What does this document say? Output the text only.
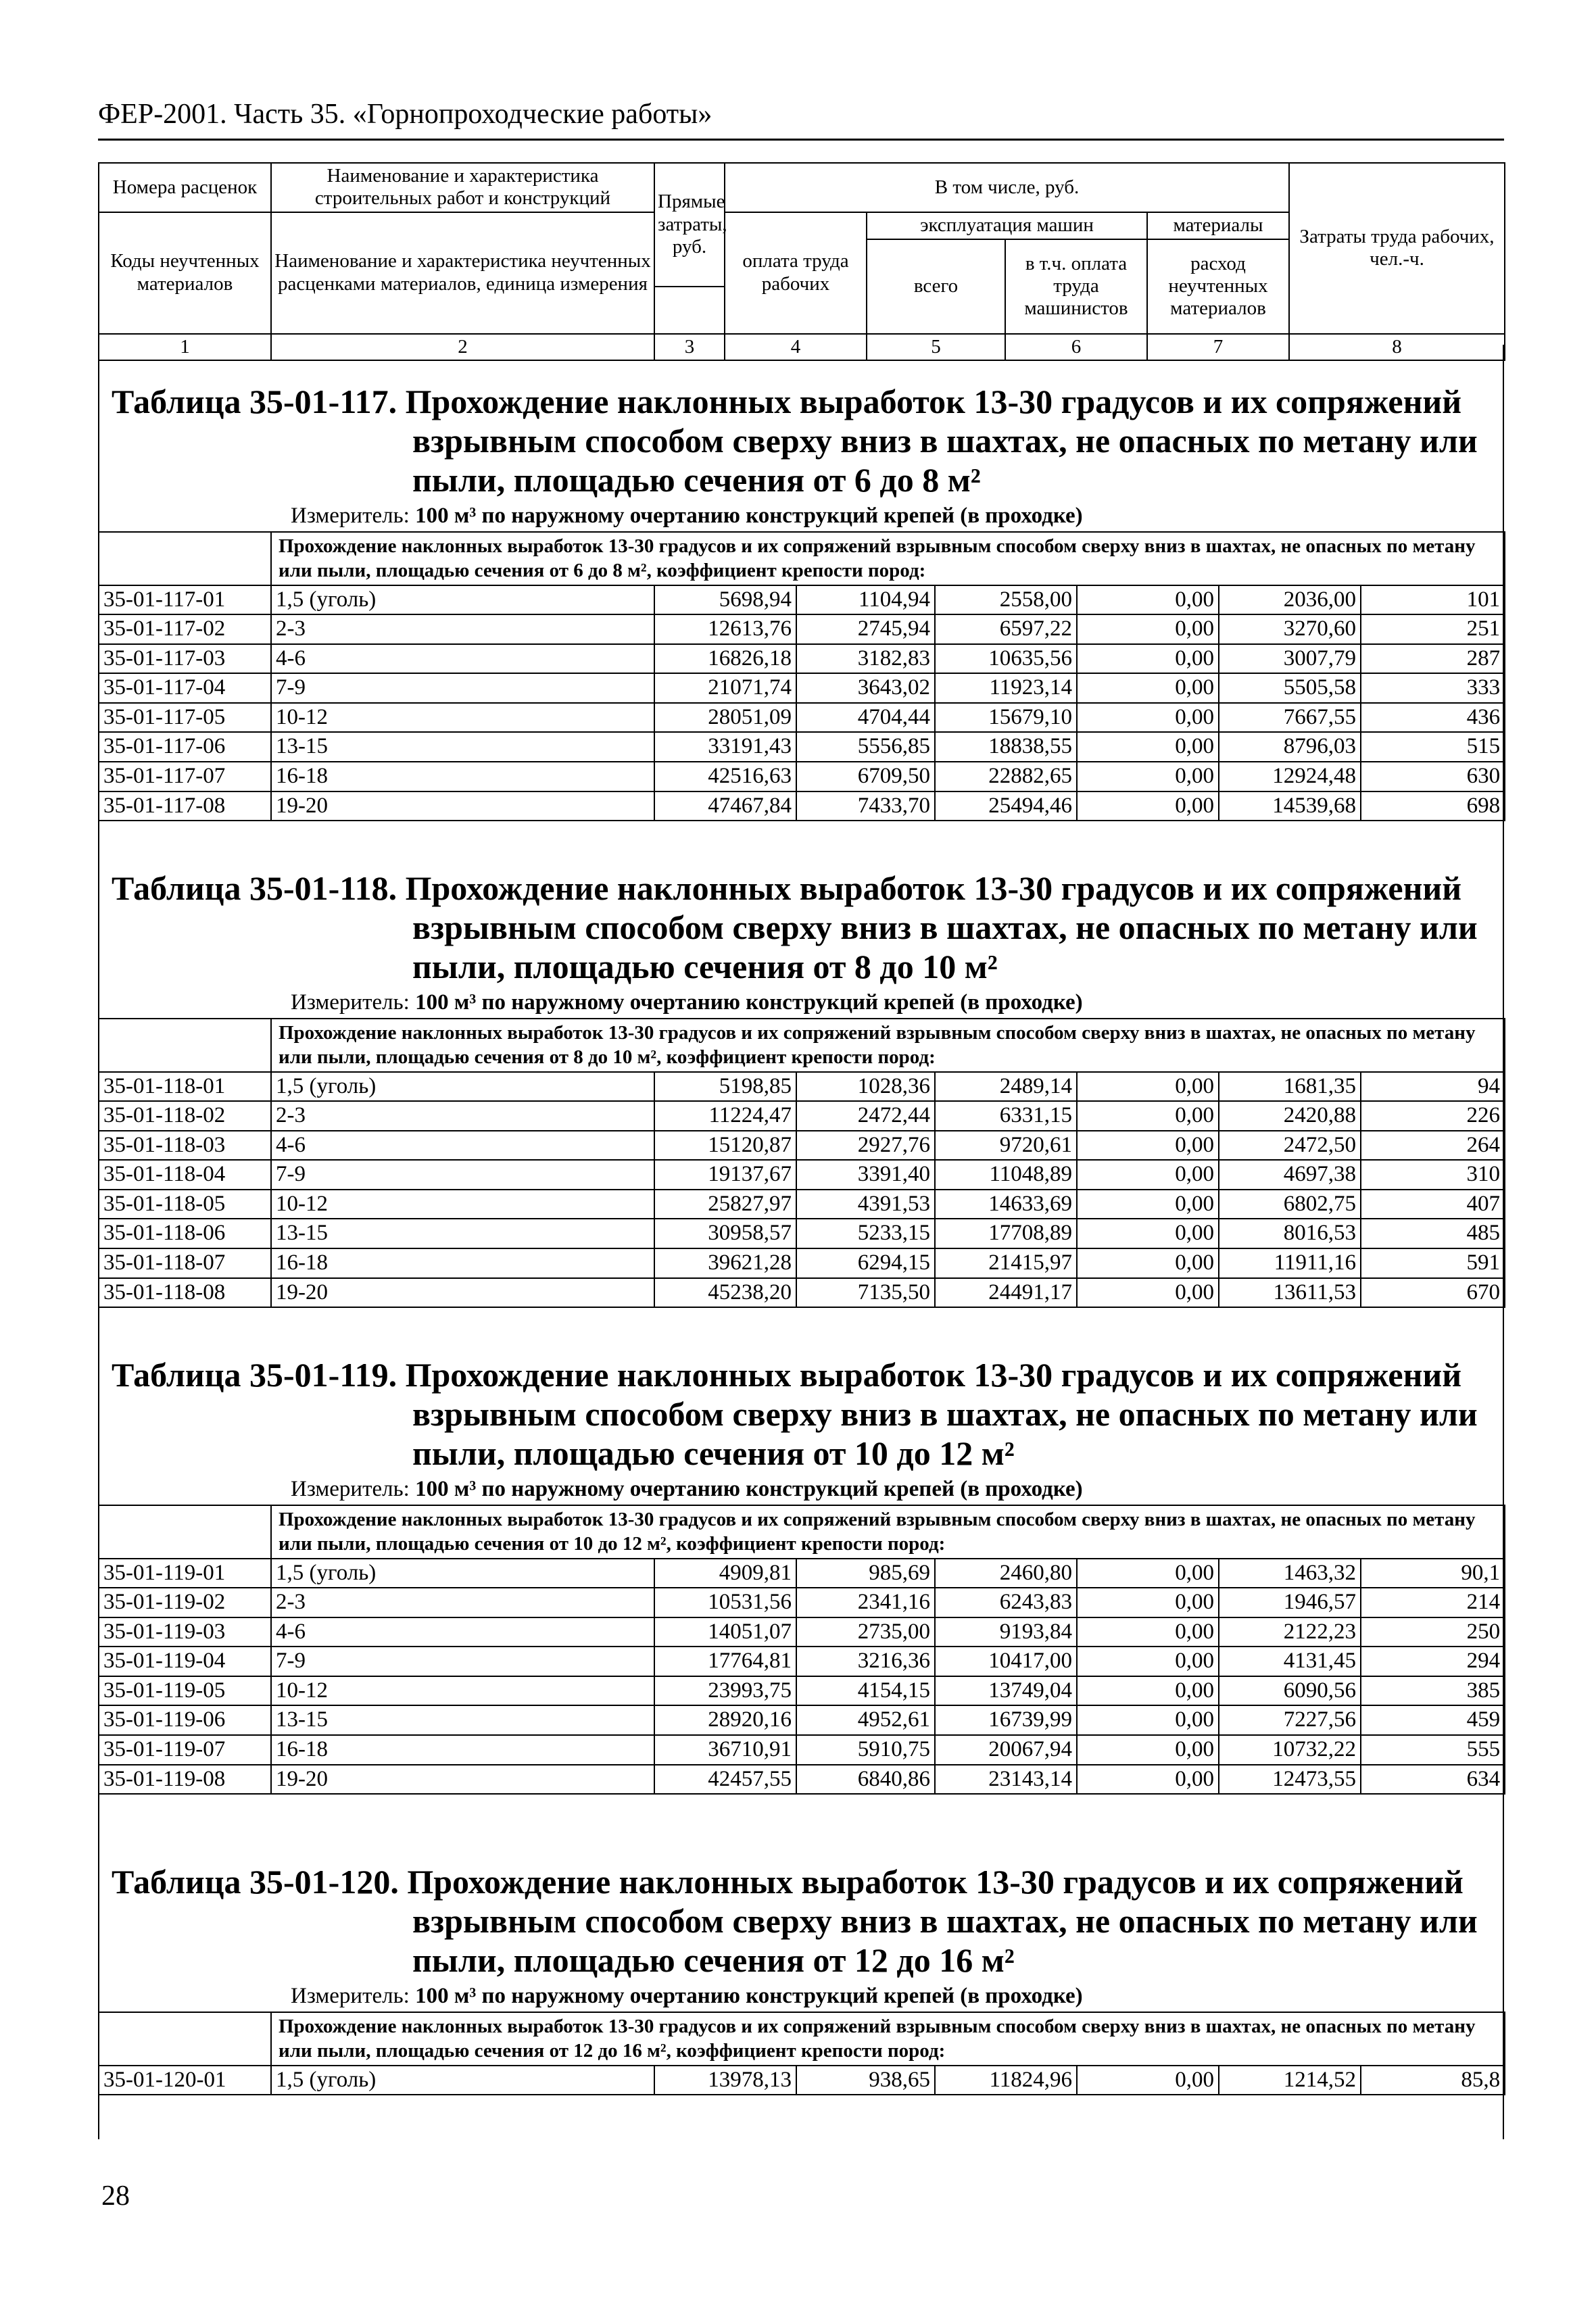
ФЕР-2001. Часть 35. «Горнопроходческие работы»
Номера расценок	Наименование и характеристика строительных работ и конструкций	Прямые затраты, руб.	В том числе, руб.				Затраты труда рабочих, чел.-ч.
Коды неучтенных материалов	Наименование и характеристика неучтенных расценками материалов, единица измерения		оплата труда рабочих	эксплуатация машин		материалы	
				всего	в т.ч. оплата труда машинистов	расход неучтенных материалов	

1	2	3	4	5	6	7	8
Таблица 35-01-117. Прохождение наклонных выработок 13-30 градусов и их сопряжений
взрывным способом сверху вниз в шахтах, не опасных по метану или
пыли, площадью сечения от 6 до 8 м²
Измеритель: 100 м³ по наружному очертанию конструкций крепей (в проходке)
	Прохождение наклонных выработок 13-30 градусов и их сопряжений взрывным способом сверху вниз в шахтах, не опасных по метану или пыли, площадью сечения от 6 до 8 м², коэффициент крепости пород:						
35-01-117-01	1,5 (уголь)	5698,94	1104,94	2558,00	0,00	2036,00	101
35-01-117-02	2-3	12613,76	2745,94	6597,22	0,00	3270,60	251
35-01-117-03	4-6	16826,18	3182,83	10635,56	0,00	3007,79	287
35-01-117-04	7-9	21071,74	3643,02	11923,14	0,00	5505,58	333
35-01-117-05	10-12	28051,09	4704,44	15679,10	0,00	7667,55	436
35-01-117-06	13-15	33191,43	5556,85	18838,55	0,00	8796,03	515
35-01-117-07	16-18	42516,63	6709,50	22882,65	0,00	12924,48	630
35-01-117-08	19-20	47467,84	7433,70	25494,46	0,00	14539,68	698
Таблица 35-01-118. Прохождение наклонных выработок 13-30 градусов и их сопряжений
взрывным способом сверху вниз в шахтах, не опасных по метану или
пыли, площадью сечения от 8 до 10 м²
Измеритель: 100 м³ по наружному очертанию конструкций крепей (в проходке)
	Прохождение наклонных выработок 13-30 градусов и их сопряжений взрывным способом сверху вниз в шахтах, не опасных по метану или пыли, площадью сечения от 8 до 10 м², коэффициент крепости пород:						
35-01-118-01	1,5 (уголь)	5198,85	1028,36	2489,14	0,00	1681,35	94
35-01-118-02	2-3	11224,47	2472,44	6331,15	0,00	2420,88	226
35-01-118-03	4-6	15120,87	2927,76	9720,61	0,00	2472,50	264
35-01-118-04	7-9	19137,67	3391,40	11048,89	0,00	4697,38	310
35-01-118-05	10-12	25827,97	4391,53	14633,69	0,00	6802,75	407
35-01-118-06	13-15	30958,57	5233,15	17708,89	0,00	8016,53	485
35-01-118-07	16-18	39621,28	6294,15	21415,97	0,00	11911,16	591
35-01-118-08	19-20	45238,20	7135,50	24491,17	0,00	13611,53	670
Таблица 35-01-119. Прохождение наклонных выработок 13-30 градусов и их сопряжений
взрывным способом сверху вниз в шахтах, не опасных по метану или
пыли, площадью сечения от 10 до 12 м²
Измеритель: 100 м³ по наружному очертанию конструкций крепей (в проходке)
	Прохождение наклонных выработок 13-30 градусов и их сопряжений взрывным способом сверху вниз в шахтах, не опасных по метану или пыли, площадью сечения от 10 до 12 м², коэффициент крепости пород:						
35-01-119-01	1,5 (уголь)	4909,81	985,69	2460,80	0,00	1463,32	90,1
35-01-119-02	2-3	10531,56	2341,16	6243,83	0,00	1946,57	214
35-01-119-03	4-6	14051,07	2735,00	9193,84	0,00	2122,23	250
35-01-119-04	7-9	17764,81	3216,36	10417,00	0,00	4131,45	294
35-01-119-05	10-12	23993,75	4154,15	13749,04	0,00	6090,56	385
35-01-119-06	13-15	28920,16	4952,61	16739,99	0,00	7227,56	459
35-01-119-07	16-18	36710,91	5910,75	20067,94	0,00	10732,22	555
35-01-119-08	19-20	42457,55	6840,86	23143,14	0,00	12473,55	634
Таблица 35-01-120. Прохождение наклонных выработок 13-30 градусов и их сопряжений
взрывным способом сверху вниз в шахтах, не опасных по метану или
пыли, площадью сечения от 12 до 16 м²
Измеритель: 100 м³ по наружному очертанию конструкций крепей (в проходке)
	Прохождение наклонных выработок 13-30 градусов и их сопряжений взрывным способом сверху вниз в шахтах, не опасных по метану или пыли, площадью сечения от 12 до 16 м², коэффициент крепости пород:						
35-01-120-01	1,5 (уголь)	13978,13	938,65	11824,96	0,00	1214,52	85,8
28
